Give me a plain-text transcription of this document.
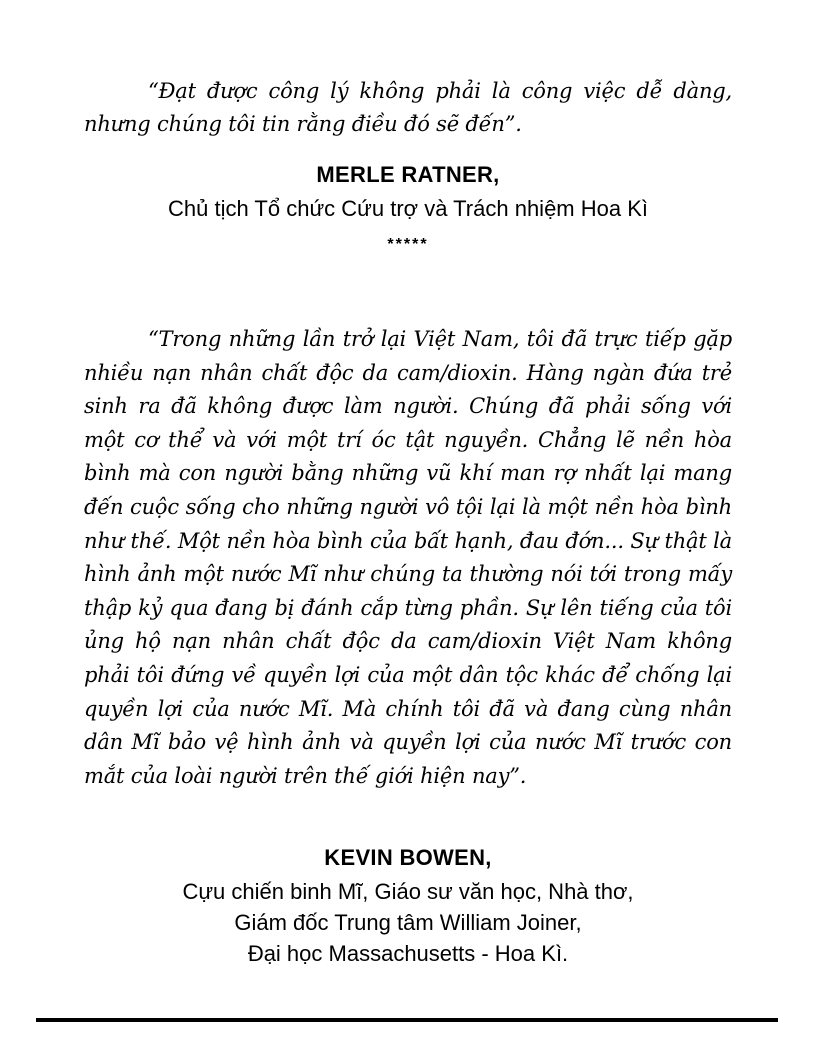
“Đạt được công lý không phải là công việc dễ dàng, nhưng chúng tôi tin rằng điều đó sẽ đến”.

MERLE RATNER,

Chủ tịch Tổ chức Cứu trợ và Trách nhiệm Hoa Kì

*****

“Trong những lần trở lại Việt Nam, tôi đã trực tiếp gặp nhiều nạn nhân chất độc da cam/dioxin. Hàng ngàn đứa trẻ sinh ra đã không được làm người. Chúng đã phải sống với một cơ thể và với một trí óc tật nguyền. Chẳng lẽ nền hòa bình mà con người bằng những vũ khí man rợ nhất lại mang đến cuộc sống cho những người vô tội lại là một nền hòa bình như thế. Một nền hòa bình của bất hạnh, đau đớn... Sự thật là hình ảnh một nước Mĩ như chúng ta thường nói tới trong mấy thập kỷ qua đang bị đánh cắp từng phần. Sự lên tiếng của tôi ủng hộ nạn nhân chất độc da cam/dioxin Việt Nam không phải tôi đứng về quyền lợi của một dân tộc khác để chống lại quyền lợi của nước Mĩ. Mà chính tôi đã và đang cùng nhân dân Mĩ bảo vệ hình ảnh và quyền lợi của nước Mĩ trước con mắt của loài người trên thế giới hiện nay”.

KEVIN BOWEN,

Cựu chiến binh Mĩ, Giáo sư văn học, Nhà thơ,

Giám đốc Trung tâm William Joiner,

Đại học Massachusetts - Hoa Kì.
